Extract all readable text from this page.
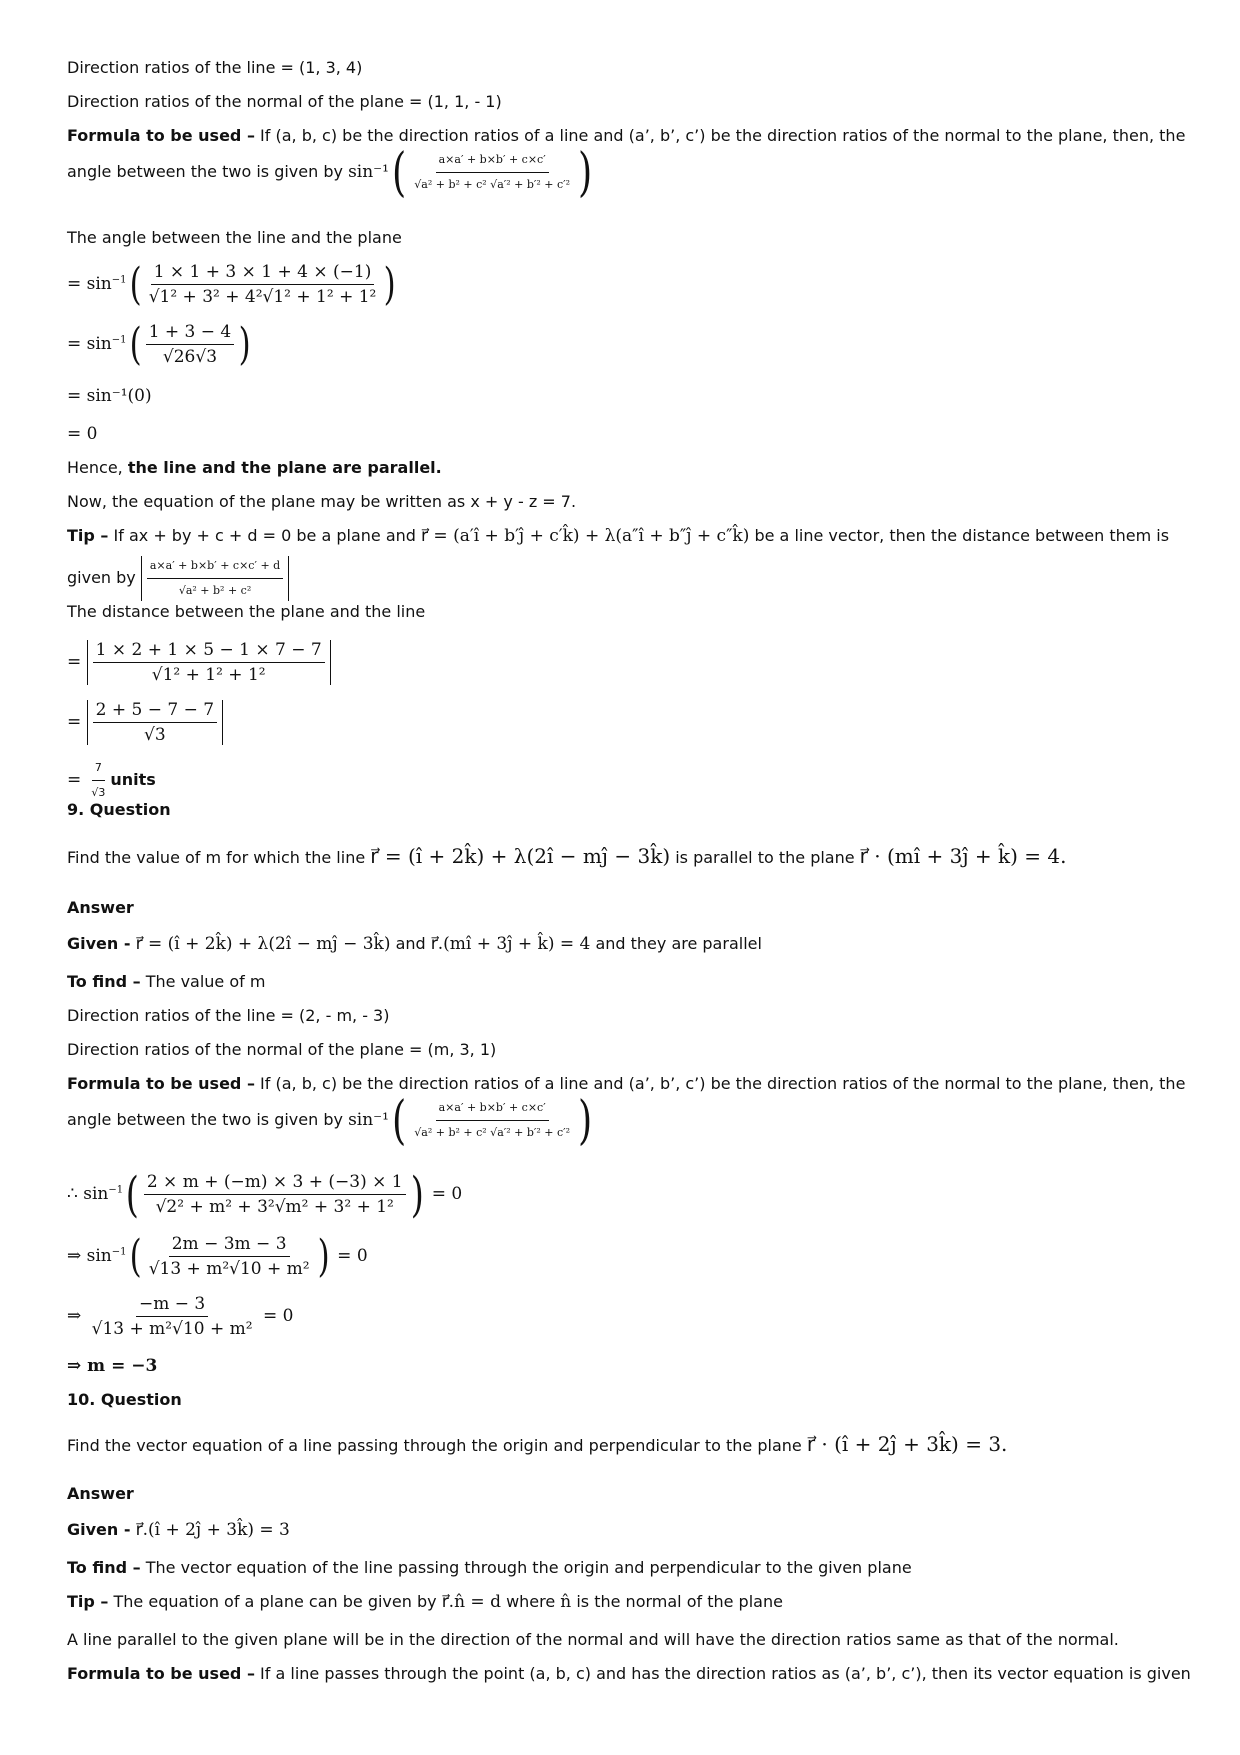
Direction ratios of the line = (1, 3, 4)
Direction ratios of the normal of the plane = (1, 1, - 1)
Formula to be used – If (a, b, c) be the direction ratios of a line and (a’, b’, c’) be the direction ratios of the normal to the plane, then, the
angle between the two is given by $\sin^{-1}( \frac{a\times a' + b\times b' + c\times c'}{\text{√a² + b² + c² √a′² + b′² + c′²}}$ )
The angle between the line and the plane
= $\sin^{-1}( \frac{1 \times 1 + 3 \times 1 + 4 \times (-1)}{\text{√1² + 3² + 4²√1² + 1² + 1²}}$ )
= $\sin^{-1}( \frac{1 + 3 - 4}{√26√3}$ )
= sin⁻¹(0)
= 0
Hence, the line and the plane are parallel.
Now, the equation of the plane may be written as x + y - z = 7.
Tip – If ax + by + c + d = 0 be a plane and r⃗ = (a′î + b′ĵ + c′k̂) + λ(a″î + b″ĵ + c″k̂) be a line vector, then the distance between them is
given by $\frac{a\times a' + b\times b' + c\times c' + d}{\text{√a² + b² + c²}}$
The distance between the plane and the line
= $\frac{1 \times 2 + 1 \times 5 - 1 \times 7 - 7}{\text{√1² + 1² + 1²}}$
= $\frac{2 + 5 - 7 - 7}{√3}$
= $\frac{7}{√3}$ units
9. Question
Find the value of m for which the line r⃗ = (î + 2k̂) + λ(2î − mĵ − 3k̂) is parallel to the plane r⃗ · (mî + 3ĵ + k̂) = 4.
Answer
Given - r⃗ = (î + 2k̂) + λ(2î − mĵ − 3k̂) and r⃗.(mî + 3ĵ + k̂) = 4 and they are parallel
To find – The value of m
Direction ratios of the line = (2, - m, - 3)
Direction ratios of the normal of the plane = (m, 3, 1)
Formula to be used – If (a, b, c) be the direction ratios of a line and (a’, b’, c’) be the direction ratios of the normal to the plane, then, the
angle between the two is given by $\sin^{-1}( \frac{a\times a' + b\times b' + c\times c'}{\text{√a² + b² + c² √a′² + b′² + c′²}}$ )
∴ $\sin^{-1}( \frac{2 \times m + (-m) \times 3 + (-3) \times 1}{\text{√2² + m² + 3²√m² + 3² + 1²}}$ ) = 0
⇒ $\sin^{-1}( \frac{2m - 3m - 3}{\text{√13 + m²√10 + m²}}$ ) = 0
⇒ $\frac{-m - 3}{\text{√13 + m²√10 + m²}} = 0$
⇒ m = −3
10. Question
Find the vector equation of a line passing through the origin and perpendicular to the plane r⃗ · (î + 2ĵ + 3k̂) = 3.
Answer
Given - r⃗.(î + 2ĵ + 3k̂) = 3
To find – The vector equation of the line passing through the origin and perpendicular to the given plane
Tip – The equation of a plane can be given by r⃗.n̂ = d where n̂ is the normal of the plane
A line parallel to the given plane will be in the direction of the normal and will have the direction ratios same as that of the normal.
Formula to be used – If a line passes through the point (a, b, c) and has the direction ratios as (a’, b’, c’), then its vector equation is given
